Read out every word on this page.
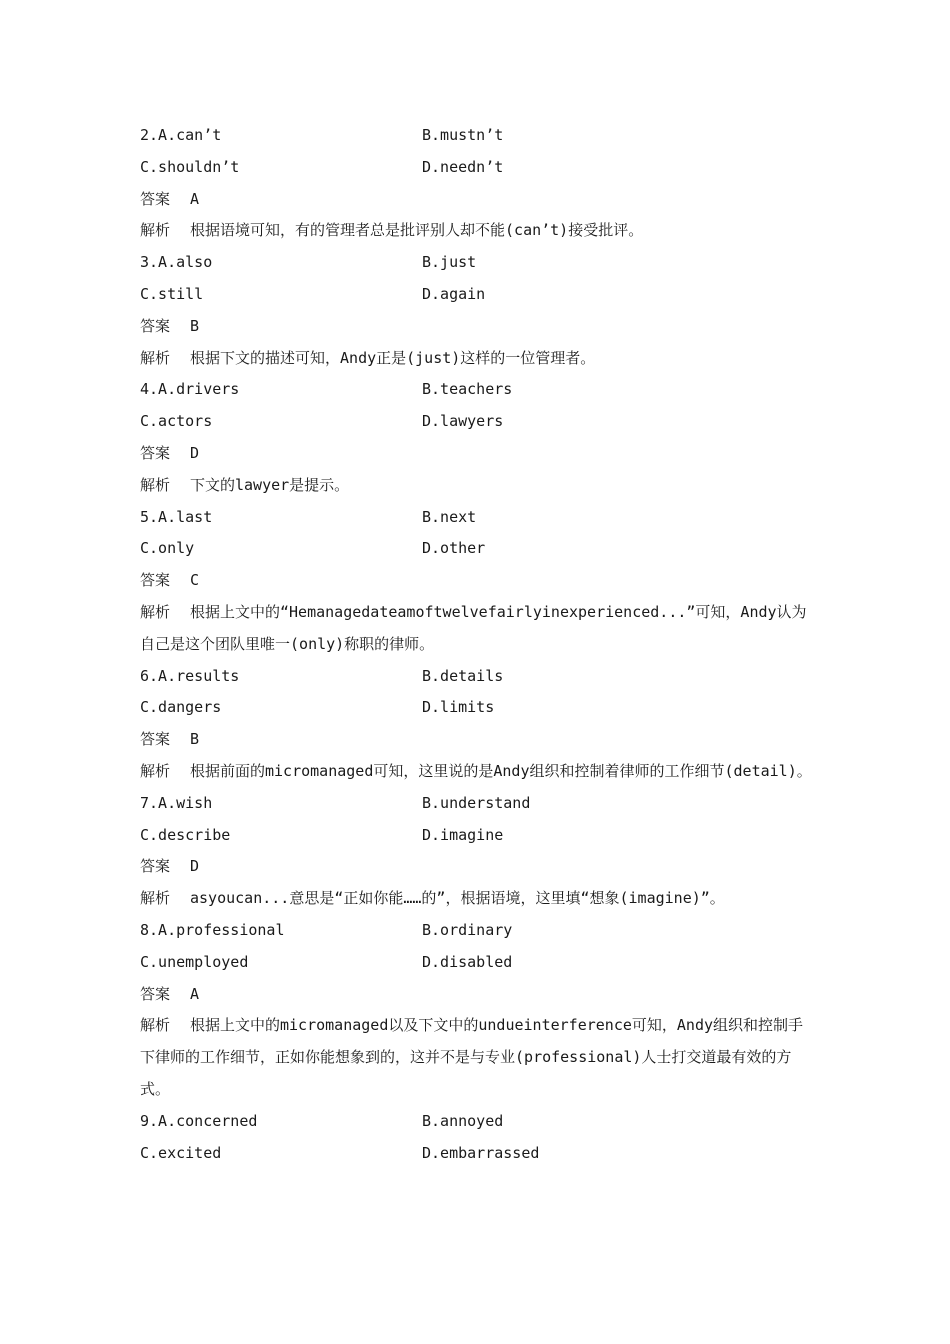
2.A.can’t	B.mustn’t
C.shouldn’t	D.needn’t
答案 A
解析 根据语境可知，有的管理者总是批评别人却不能(can’t)接受批评。
3.A.also	B.just
C.still	D.again
答案 B
解析 根据下文的描述可知，Andy正是(just)这样的一位管理者。
4.A.drivers	B.teachers
C.actors	D.lawyers
答案 D
解析 下文的lawyer是提示。
5.A.last	B.next
C.only	D.other
答案 C
解析 根据上文中的“Hemanagedateamoftwelvefairlyinexperienced...”可知，Andy认为自己是这个团队里唯一(only)称职的律师。
6.A.results	B.details
C.dangers	D.limits
答案 B
解析 根据前面的micromanaged可知，这里说的是Andy组织和控制着律师的工作细节(detail)。
7.A.wish	B.understand
C.describe	D.imagine
答案 D
解析 asyoucan...意思是“正如你能……的”，根据语境，这里填“想象(imagine)”。
8.A.professional	B.ordinary
C.unemployed	D.disabled
答案 A
解析 根据上文中的micromanaged以及下文中的undueinterference可知，Andy组织和控制手下律师的工作细节，正如你能想象到的，这并不是与专业(professional)人士打交道最有效的方式。
9.A.concerned	B.annoyed
C.excited	D.embarrassed
